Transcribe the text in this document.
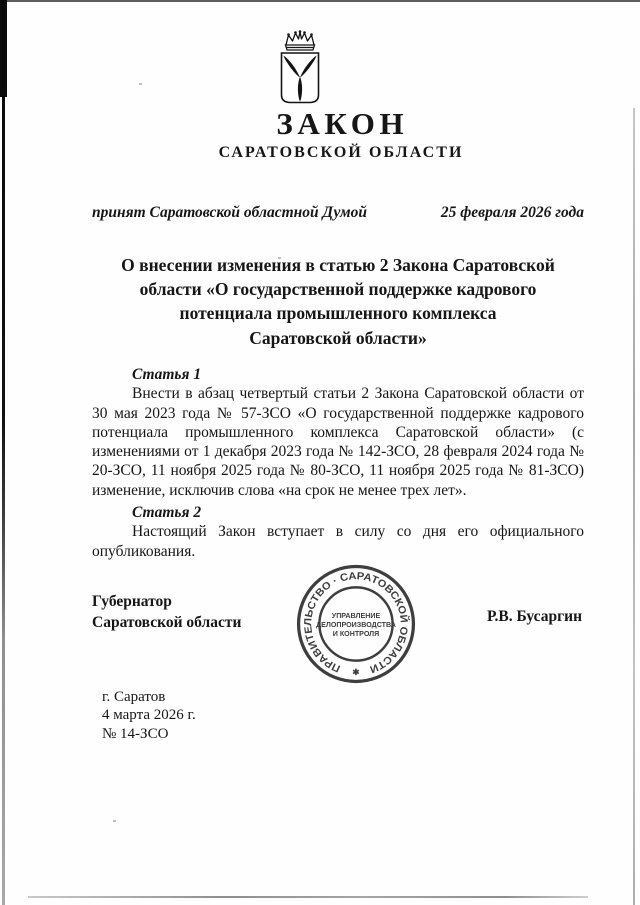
ЗАКОН
САРАТОВСКОЙ ОБЛАСТИ
принят Саратовской областной Думой	25 февраля 2026 года
О внесении изменения в статью 2 Закона Саратовской
области «О государственной поддержке кадрового
потенциала промышленного комплекса
Саратовской области»
Статья 1
Внести в абзац четвертый статьи 2 Закона Саратовской области от 30 мая 2023 года № 57-ЗСО «О государственной поддержке кадрового потенциала промышленного комплекса Саратовской области» (с изменениями от 1 декабря 2023 года № 142-ЗСО, 28 февраля 2024 года № 20-ЗСО, 11 ноября 2025 года № 80-ЗСО, 11 ноября 2025 года № 81-ЗСО) изменение, исключив слова «на срок не менее трех лет».
Статья 2
Настоящий Закон вступает в силу со дня его официального опубликования.
Губернатор
Саратовской области	Р.В. Бусаргин
ПРАВИТЕЛЬСТВО · САРАТОВСКОЙ ОБЛАСТИ
УПРАВЛЕНИЕ
ДЕЛОПРОИЗВОДСТВА
И КОНТРОЛЯ
✱
г. Саратов
4 марта 2026 г.
№ 14-ЗСО
